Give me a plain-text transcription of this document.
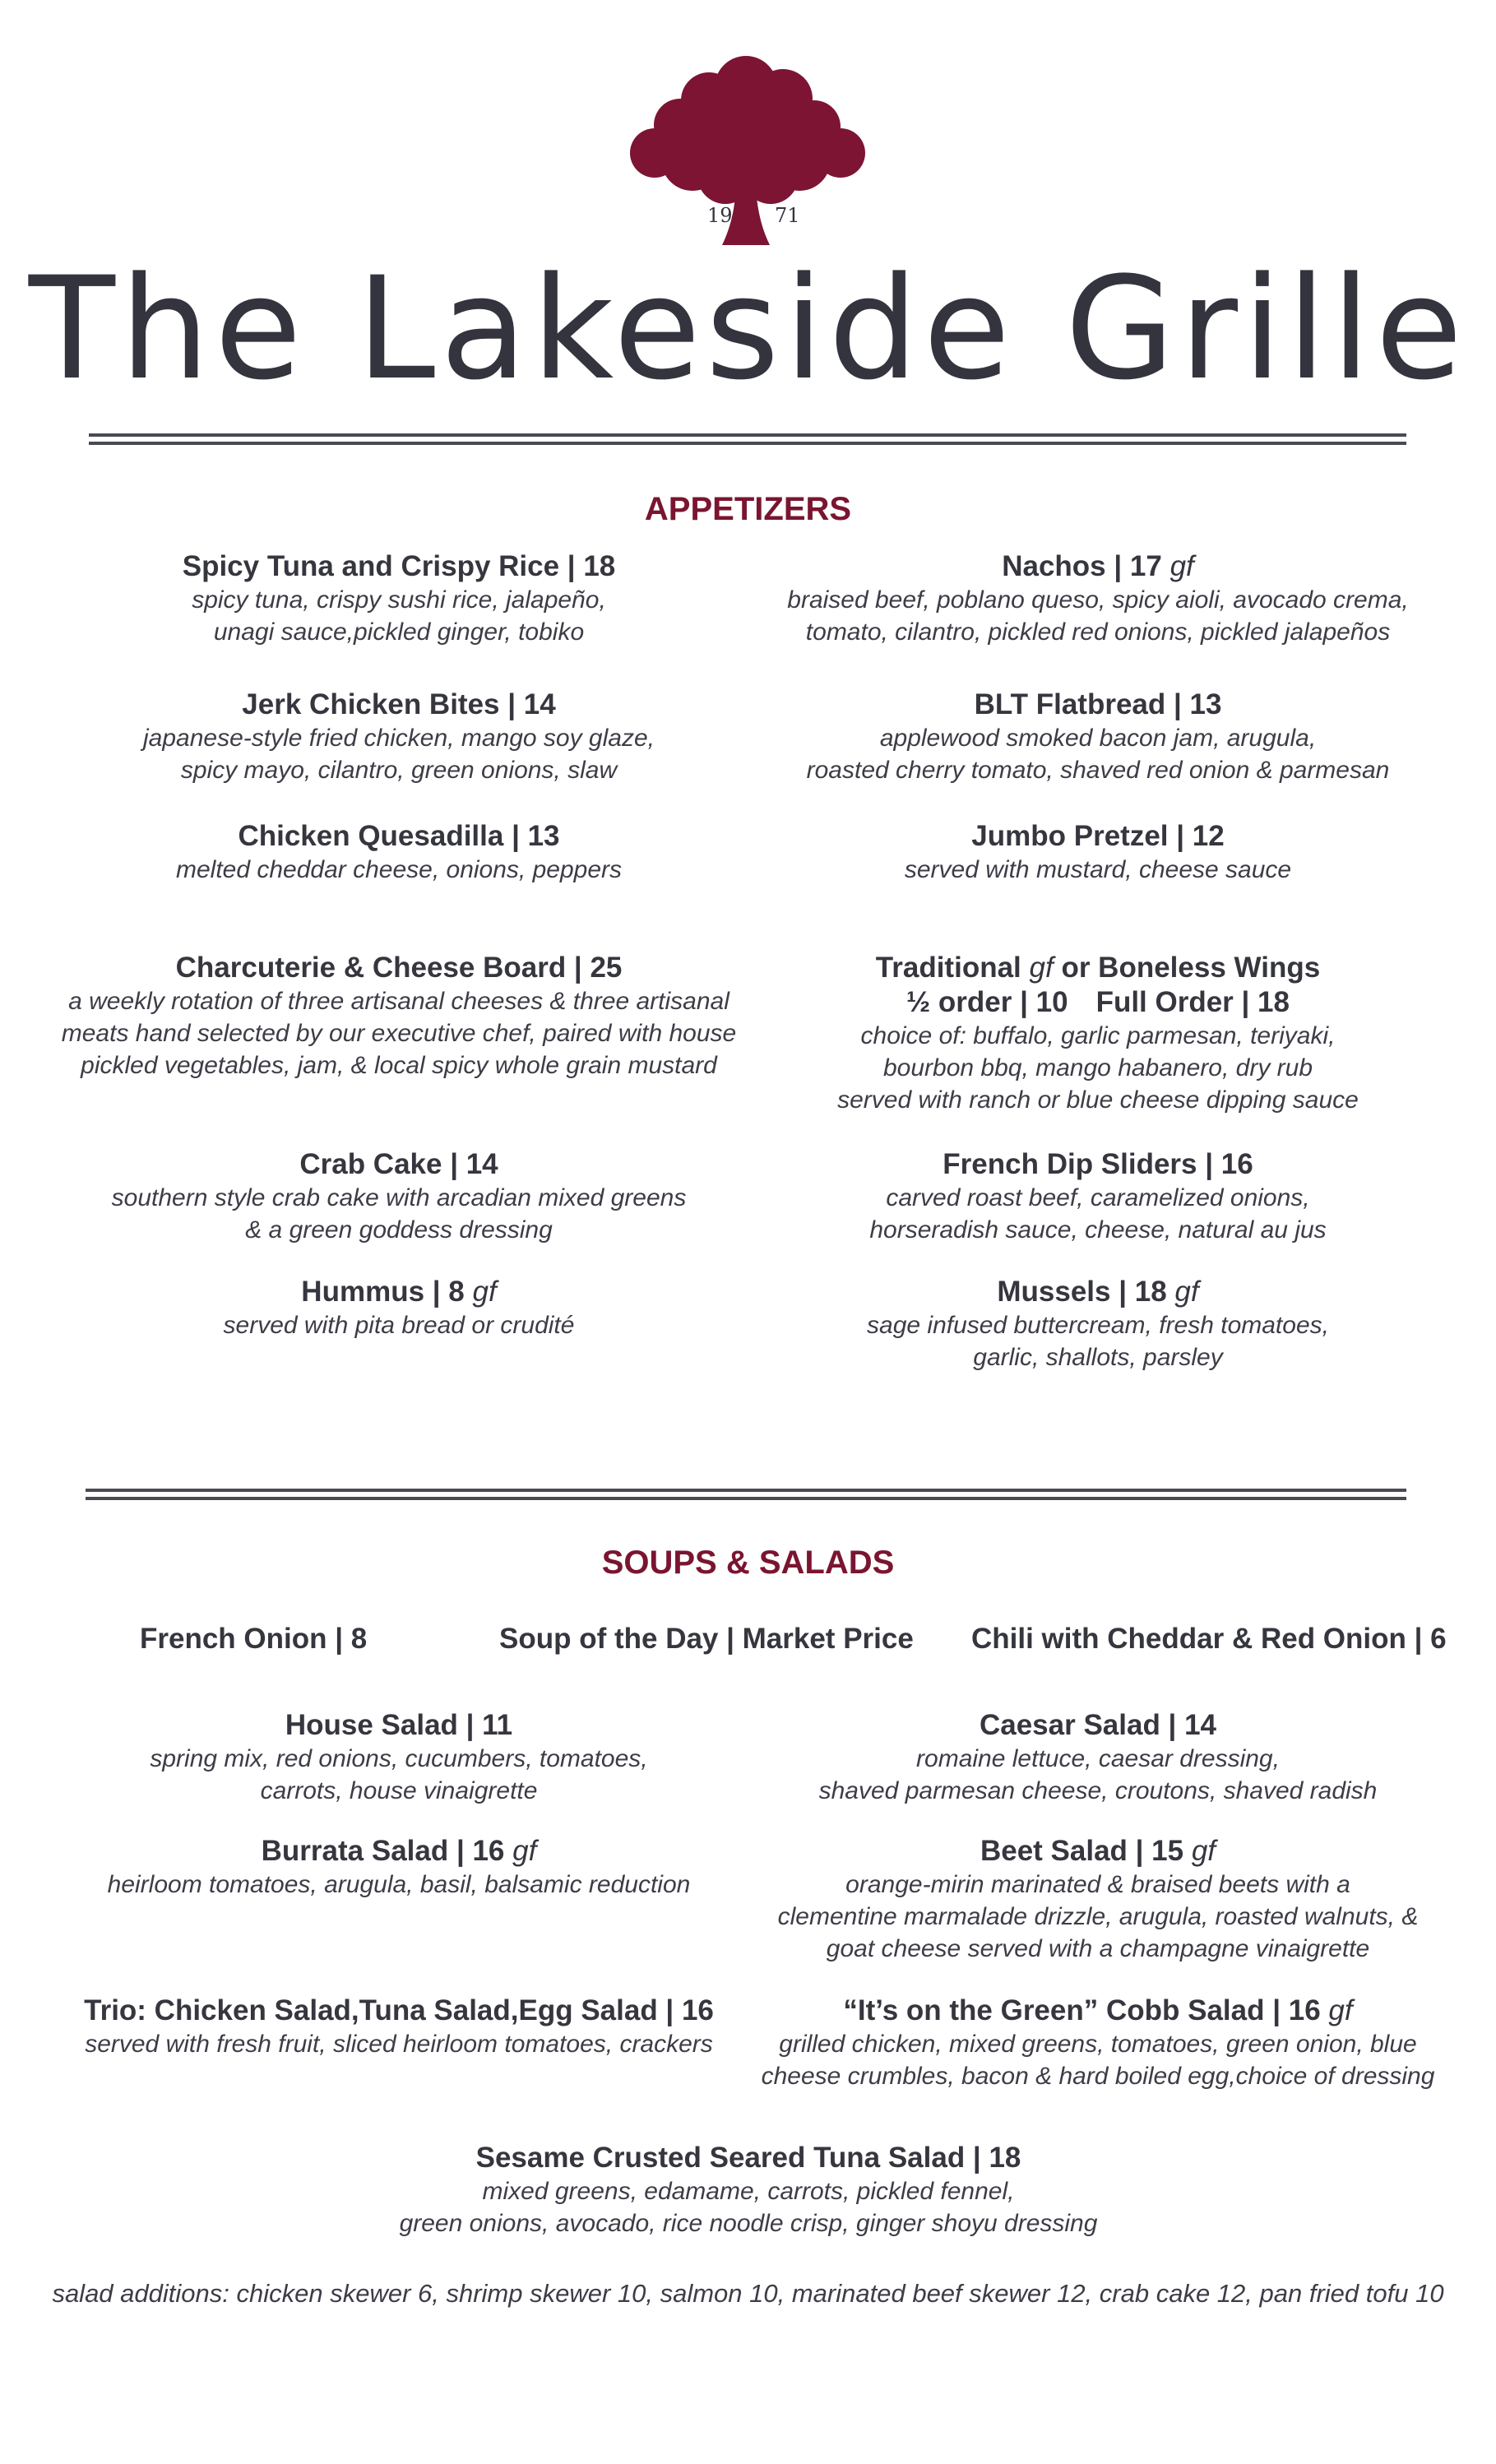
19 71
The Lakeside Grille
APPETIZERS
Spicy Tuna and Crispy Rice | 18
spicy tuna, crispy sushi rice, jalapeño,
unagi sauce,pickled ginger, tobiko
Jerk Chicken Bites | 14
japanese-style fried chicken, mango soy glaze,
spicy mayo, cilantro, green onions, slaw
Chicken Quesadilla | 13
melted cheddar cheese, onions, peppers
Charcuterie & Cheese Board | 25
a weekly rotation of three artisanal cheeses & three artisanal
meats hand selected by our executive chef, paired with house
pickled vegetables, jam, & local spicy whole grain mustard
Crab Cake | 14
southern style crab cake with arcadian mixed greens
& a green goddess dressing
Hummus | 8 gf
served with pita bread or crudité
Nachos | 17 gf
braised beef, poblano queso, spicy aioli, avocado crema,
tomato, cilantro, pickled red onions, pickled jalapeños
BLT Flatbread | 13
applewood smoked bacon jam, arugula,
roasted cherry tomato, shaved red onion & parmesan
Jumbo Pretzel | 12
served with mustard, cheese sauce
Traditional gf or Boneless Wings
½ order | 10 Full Order | 18
choice of: buffalo, garlic parmesan, teriyaki,
bourbon bbq, mango habanero, dry rub
served with ranch or blue cheese dipping sauce
French Dip Sliders | 16
carved roast beef, caramelized onions,
horseradish sauce, cheese, natural au jus
Mussels | 18 gf
sage infused buttercream, fresh tomatoes,
garlic, shallots, parsley
SOUPS & SALADS
French Onion | 8	Soup of the Day | Market Price Chili with Cheddar & Red Onion | 6
House Salad | 11
spring mix, red onions, cucumbers, tomatoes,
carrots, house vinaigrette
Burrata Salad | 16 gf
heirloom tomatoes, arugula, basil, balsamic reduction
Trio: Chicken Salad,Tuna Salad,Egg Salad | 16
served with fresh fruit, sliced heirloom tomatoes, crackers
Caesar Salad | 14
romaine lettuce, caesar dressing,
shaved parmesan cheese, croutons, shaved radish
Beet Salad | 15 gf
orange-mirin marinated & braised beets with a
clementine marmalade drizzle, arugula, roasted walnuts, &
goat cheese served with a champagne vinaigrette
“It’s on the Green” Cobb Salad | 16 gf
grilled chicken, mixed greens, tomatoes, green onion, blue
cheese crumbles, bacon & hard boiled egg,choice of dressing
Sesame Crusted Seared Tuna Salad | 18
mixed greens, edamame, carrots, pickled fennel,
green onions, avocado, rice noodle crisp, ginger shoyu dressing
salad additions: chicken skewer 6, shrimp skewer 10, salmon 10, marinated beef skewer 12, crab cake 12, pan fried tofu 10
